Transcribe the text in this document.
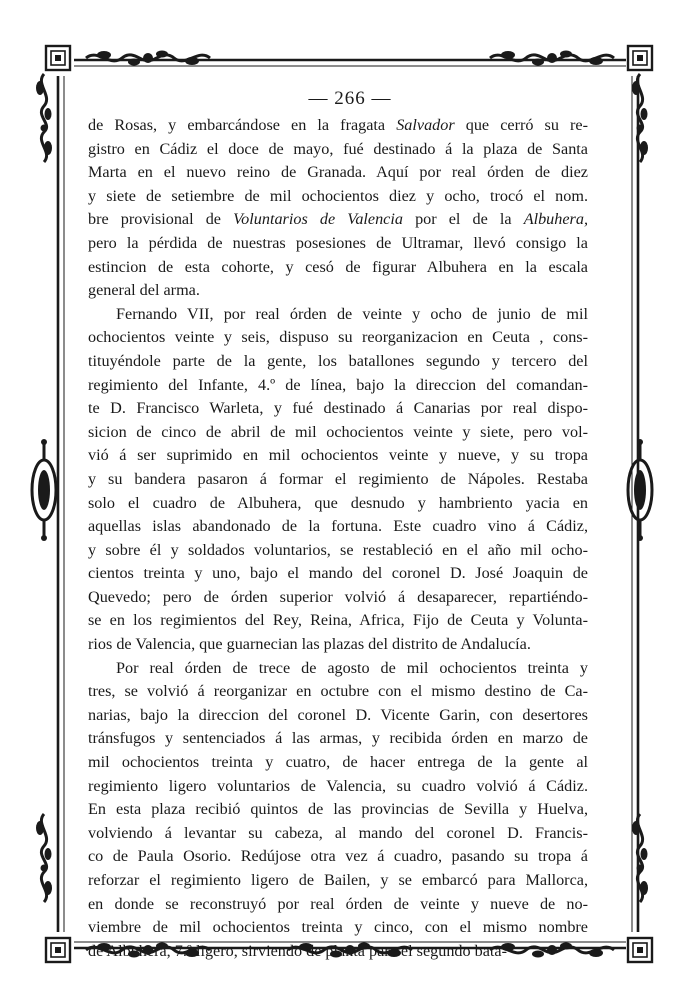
— 266 —
de Rosas, y embarcándose en la fragata Salvador que cerró su re-
gistro en Cádiz el doce de mayo, fué destinado á la plaza de Santa
Marta en el nuevo reino de Granada. Aquí por real órden de diez
y siete de setiembre de mil ochocientos diez y ocho, trocó el nom.
bre provisional de Voluntarios de Valencia por el de la Albuhera,
pero la pérdida de nuestras posesiones de Ultramar, llevó consigo la
estincion de esta cohorte, y cesó de figurar Albuhera en la escala
general del arma.
Fernando VII, por real órden de veinte y ocho de junio de mil
ochocientos veinte y seis, dispuso su reorganizacion en Ceuta , cons-
tituyéndole parte de la gente, los batallones segundo y tercero del
regimiento del Infante, 4.º de línea, bajo la direccion del comandan-
te D. Francisco Warleta, y fué destinado á Canarias por real dispo-
sicion de cinco de abril de mil ochocientos veinte y siete, pero vol-
vió á ser suprimido en mil ochocientos veinte y nueve, y su tropa
y su bandera pasaron á formar el regimiento de Nápoles. Restaba
solo el cuadro de Albuhera, que desnudo y hambriento yacia en
aquellas islas abandonado de la fortuna. Este cuadro vino á Cádiz,
y sobre él y soldados voluntarios, se restableció en el año mil ocho-
cientos treinta y uno, bajo el mando del coronel D. José Joaquin de
Quevedo; pero de órden superior volvió á desaparecer, repartiéndo-
se en los regimientos del Rey, Reina, Africa, Fijo de Ceuta y Volunta-
rios de Valencia, que guarnecian las plazas del distrito de Andalucía.
Por real órden de trece de agosto de mil ochocientos treinta y
tres, se volvió á reorganizar en octubre con el mismo destino de Ca-
narias, bajo la direccion del coronel D. Vicente Garin, con desertores
tránsfugos y sentenciados á las armas, y recibida órden en marzo de
mil ochocientos treinta y cuatro, de hacer entrega de la gente al
regimiento ligero voluntarios de Valencia, su cuadro volvió á Cádiz.
En esta plaza recibió quintos de las provincias de Sevilla y Huelva,
volviendo á levantar su cabeza, al mando del coronel D. Francis-
co de Paula Osorio. Redújose otra vez á cuadro, pasando su tropa á
reforzar el regimiento ligero de Bailen, y se embarcó para Mallorca,
en donde se reconstruyó por real órden de veinte y nueve de no-
viembre de mil ochocientos treinta y cinco, con el mismo nombre
de Albuhera, 7.º ligero, sirviendo de planta para el segundo bata-
